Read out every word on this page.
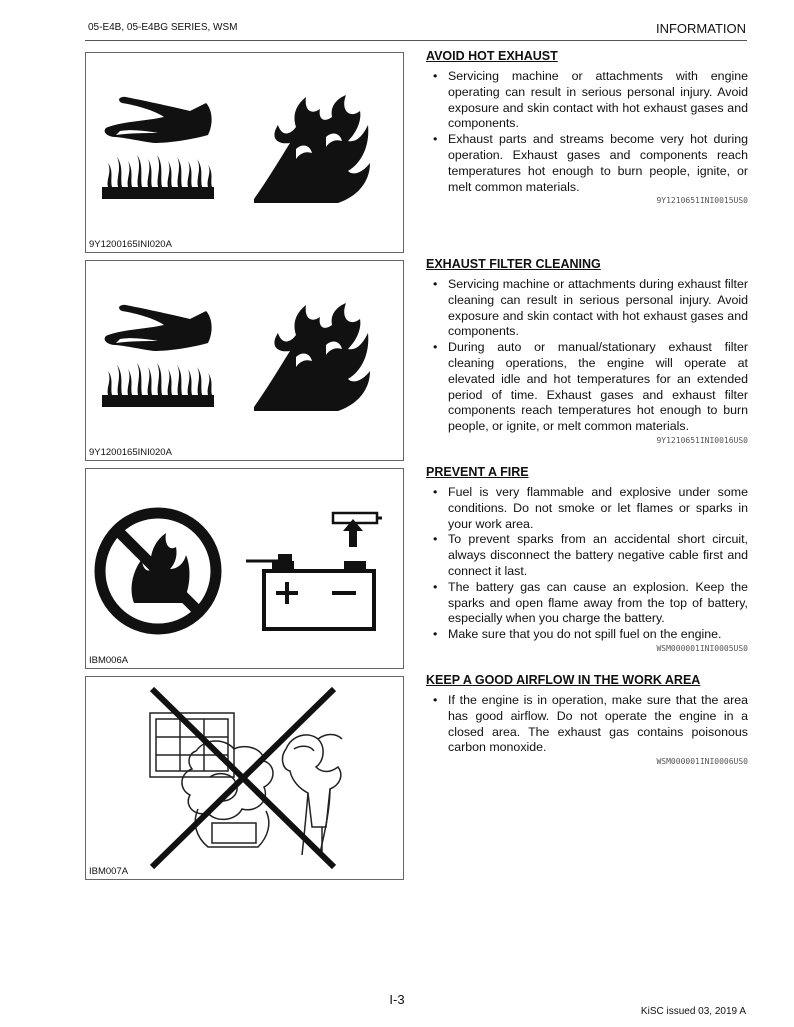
05-E4B, 05-E4BG SERIES, WSM	INFORMATION
9Y1200165INI020A
9Y1200165INI020A
IBM006A
IBM007A
AVOID HOT EXHAUST
• Servicing machine or attachments with engine operating can result in serious personal injury. Avoid exposure and skin contact with hot exhaust gases and components.
• Exhaust parts and streams become very hot during operation. Exhaust gases and components reach temperatures hot enough to burn people, ignite, or melt common materials.
9Y1210651INI0015US0
EXHAUST FILTER CLEANING
• Servicing machine or attachments during exhaust filter cleaning can result in serious personal injury. Avoid exposure and skin contact with hot exhaust gases and components.
• During auto or manual/stationary exhaust filter cleaning operations, the engine will operate at elevated idle and hot temperatures for an extended period of time. Exhaust gases and exhaust filter components reach temperatures hot enough to burn people, or ignite, or melt common materials.
9Y1210651INI0016US0
PREVENT A FIRE
• Fuel is very flammable and explosive under some conditions. Do not smoke or let flames or sparks in your work area.
• To prevent sparks from an accidental short circuit, always disconnect the battery negative cable first and connect it last.
• The battery gas can cause an explosion. Keep the sparks and open flame away from the top of battery, especially when you charge the battery.
• Make sure that you do not spill fuel on the engine.
WSM000001INI0005US0
KEEP A GOOD AIRFLOW IN THE WORK AREA
• If the engine is in operation, make sure that the area has good airflow. Do not operate the engine in a closed area. The exhaust gas contains poisonous carbon monoxide.
WSM000001INI0006US0
I-3
KiSC issued 03, 2019 A
